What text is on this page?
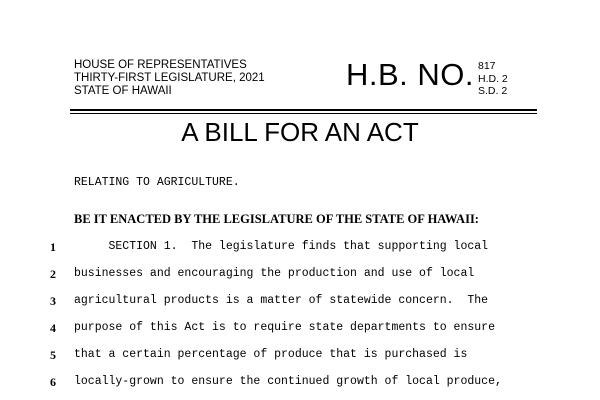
HOUSE OF REPRESENTATIVES
THIRTY-FIRST LEGISLATURE, 2021
STATE OF HAWAII	H.B. NO. 817
H.D. 2
S.D. 2
A BILL FOR AN ACT
RELATING TO AGRICULTURE.
BE IT ENACTED BY THE LEGISLATURE OF THE STATE OF HAWAII:
1	SECTION 1.  The legislature finds that supporting local
2	businesses and encouraging the production and use of local
3	agricultural products is a matter of statewide concern.  The
4	purpose of this Act is to require state departments to ensure
5	that a certain percentage of produce that is purchased is
6	locally-grown to ensure the continued growth of local produce,
